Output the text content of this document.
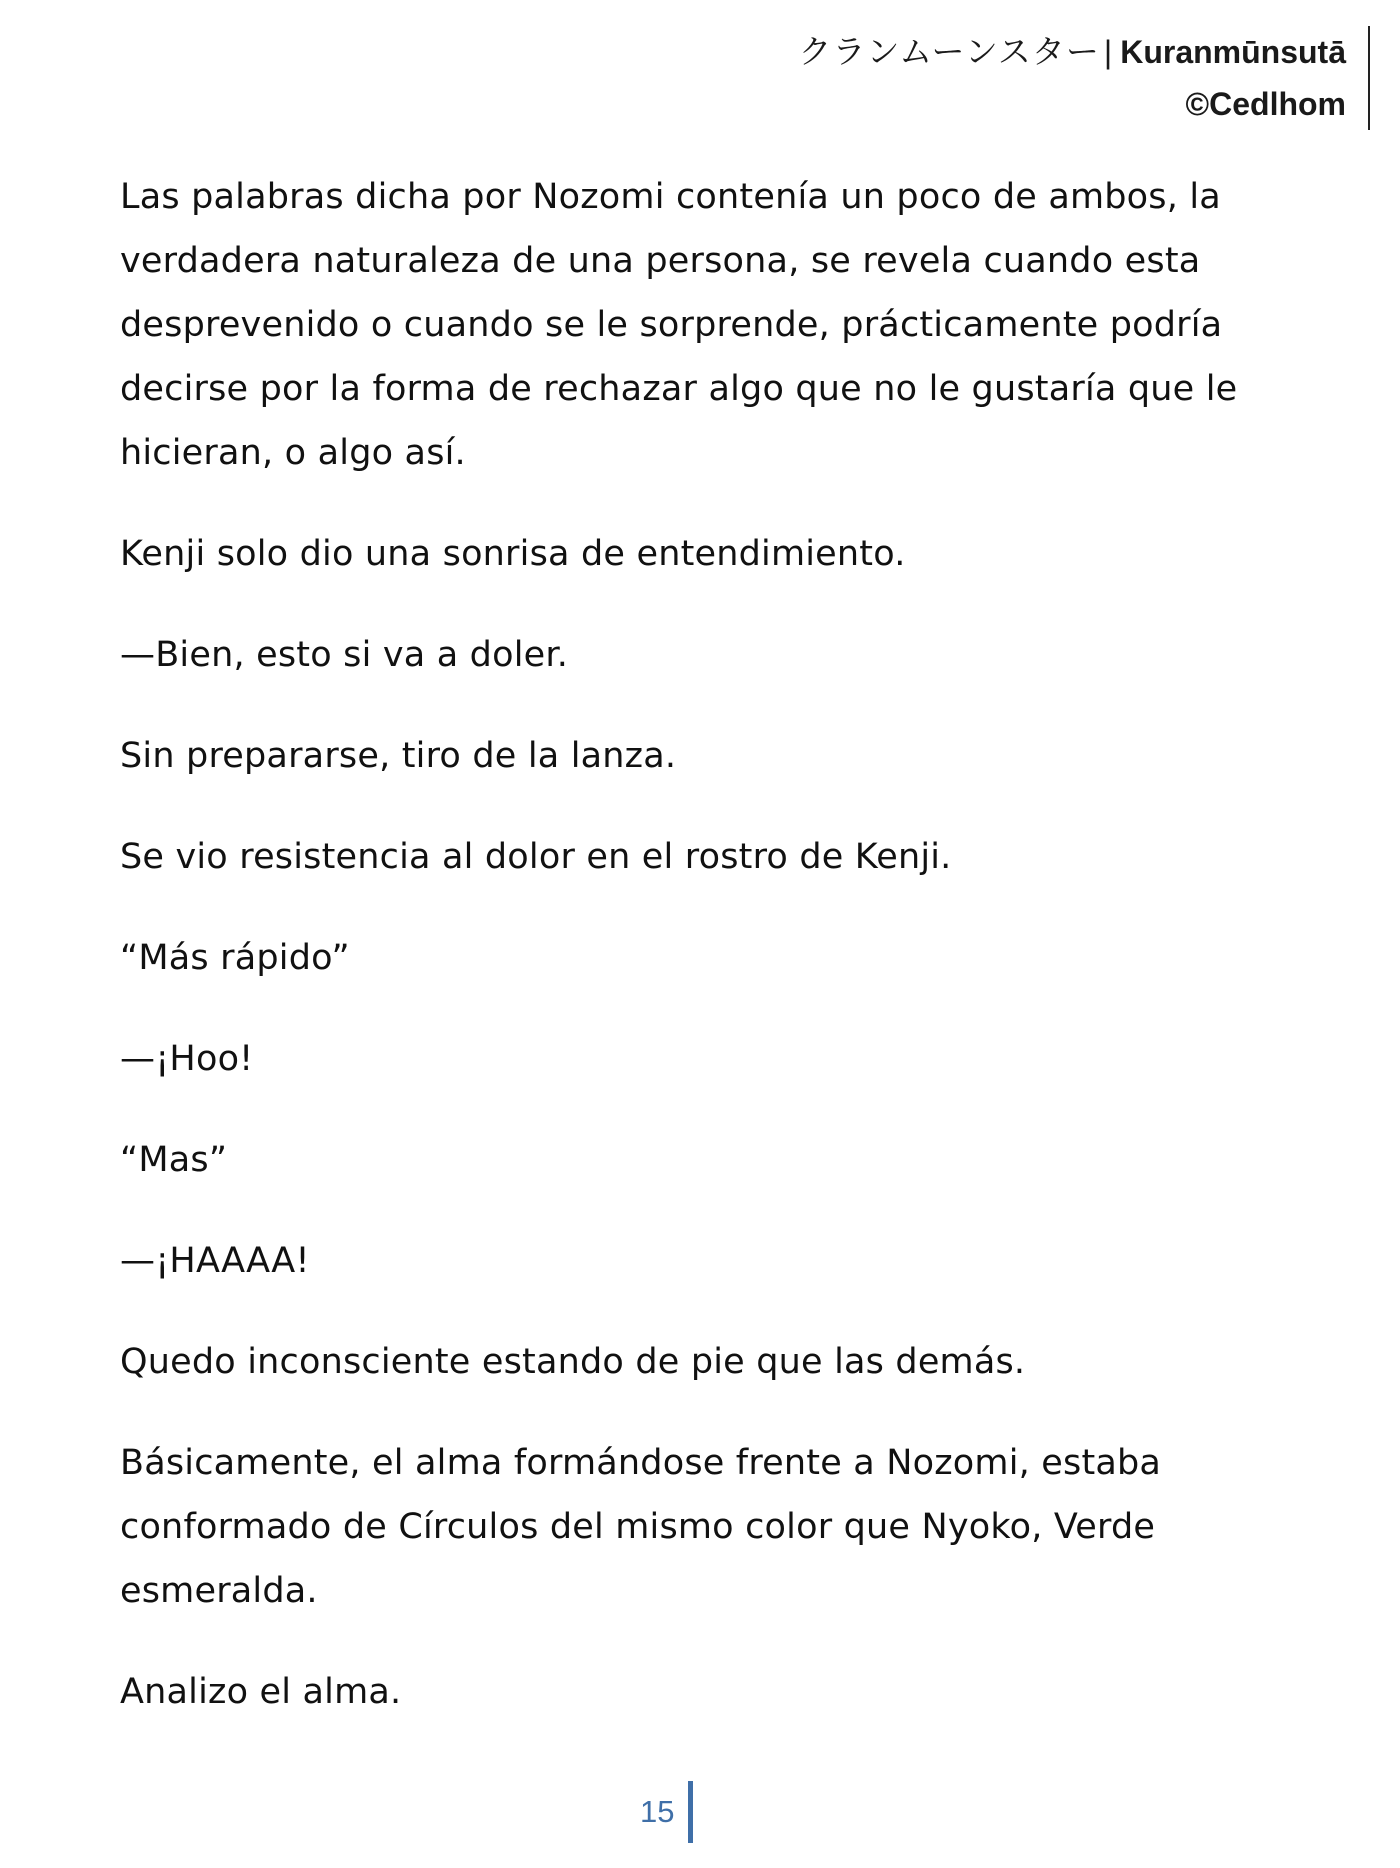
クランムーンスター | Kuranmūnsutā
©Cedlhom

Las palabras dicha por Nozomi contenía un poco de ambos, la verdadera naturaleza de una persona, se revela cuando esta desprevenido o cuando se le sorprende, prácticamente podría decirse por la forma de rechazar algo que no le gustaría que le hicieran, o algo así.

Kenji solo dio una sonrisa de entendimiento.

—Bien, esto si va a doler.

Sin prepararse, tiro de la lanza.

Se vio resistencia al dolor en el rostro de Kenji.

“Más rápido”

—¡Hoo!

“Mas”

—¡HAAAA!

Quedo inconsciente estando de pie que las demás.

Básicamente, el alma formándose frente a Nozomi, estaba conformado de Círculos del mismo color que Nyoko, Verde esmeralda.

Analizo el alma.

15
